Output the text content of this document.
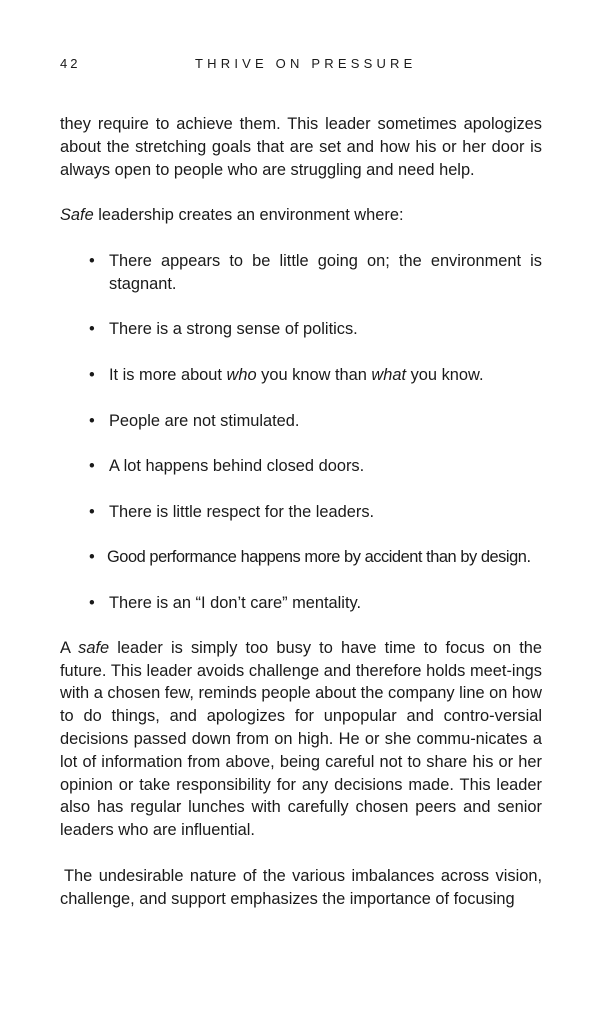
42	THRIVE ON PRESSURE

they require to achieve them. This leader sometimes apologizes about the stretching goals that are set and how his or her door is always open to people who are struggling and need help.

Safe leadership creates an environment where:

• There appears to be little going on; the environment is stagnant.
• There is a strong sense of politics.
• It is more about who you know than what you know.
• People are not stimulated.
• A lot happens behind closed doors.
• There is little respect for the leaders.
• Good performance happens more by accident than by design.
• There is an “I don’t care” mentality.

A safe leader is simply too busy to have time to focus on the future. This leader avoids challenge and therefore holds meet-ings with a chosen few, reminds people about the company line on how to do things, and apologizes for unpopular and contro-versial decisions passed down from on high. He or she commu-nicates a lot of information from above, being careful not to share his or her opinion or take responsibility for any decisions made. This leader also has regular lunches with carefully chosen peers and senior leaders who are influential.

The undesirable nature of the various imbalances across vision, challenge, and support emphasizes the importance of focusing
